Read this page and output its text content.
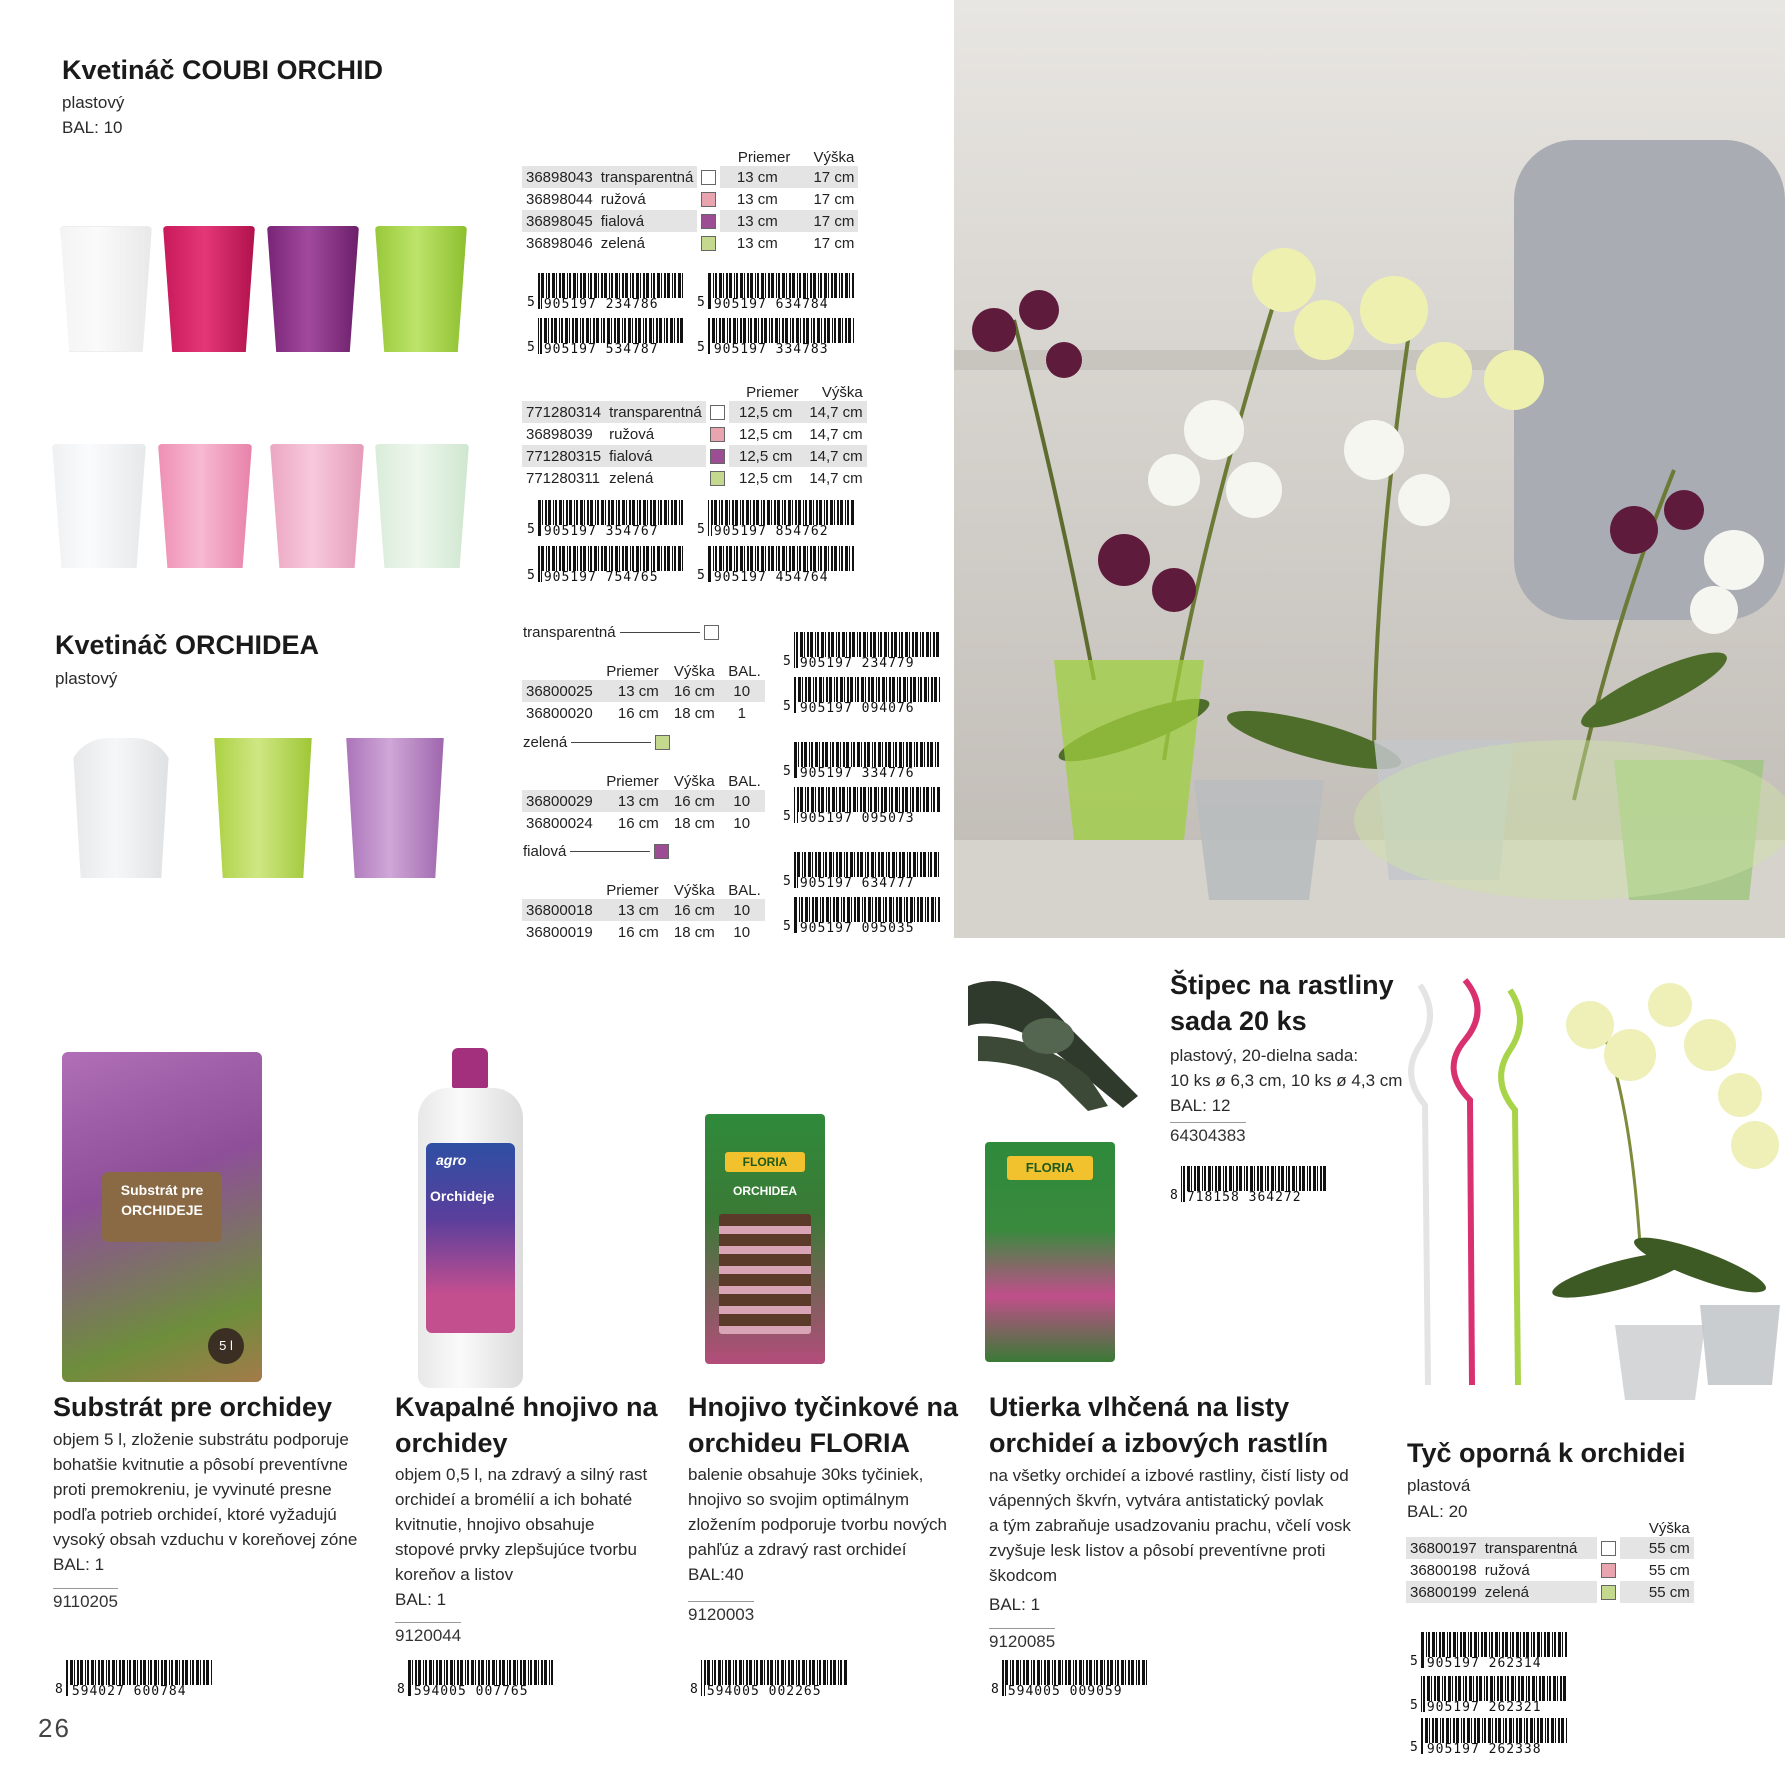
Kvetináč COUBI ORCHID
plastový
BAL: 10
			Priemer	Výška
36898043	transparentná		13 cm	17 cm
36898044	ružová		13 cm	17 cm
36898045	fialová		13 cm	17 cm
36898046	zelená		13 cm	17 cm
5 905197 234786	5 905197 634784
5 905197 534787	5 905197 334783
			Priemer	Výška
771280314	transparentná		12,5 cm	14,7 cm
36898039	ružová		12,5 cm	14,7 cm
771280315	fialová		12,5 cm	14,7 cm
771280311	zelená		12,5 cm	14,7 cm
5 905197 354767	5 905197 854762
5 905197 754765	5 905197 454764
Kvetináč ORCHIDEA
plastový
transparentná
	Priemer	Výška	BAL.
36800025	13 cm	16 cm	10
36800020	16 cm	18 cm	1
5 905197 234779
5 905197 094076
zelená
	Priemer	Výška	BAL.
36800029	13 cm	16 cm	10
36800024	16 cm	18 cm	10
5 905197 334776
5 905197 095073
fialová
	Priemer	Výška	BAL.
36800018	13 cm	16 cm	10
36800019	16 cm	18 cm	10
5 905197 634777
5 905197 095035
Štipec na rastliny
sada 20 ks
plastový, 20-dielna sada:
10 ks ø 6,3 cm, 10 ks ø 4,3 cm
BAL: 12
64304383
8 718158 364272
Substrát pre ORCHIDEJE
5 l
Substrát pre orchidey
objem 5 l, zloženie substrátu podporuje
bohatšie kvitnutie a pôsobí preventívne
proti premokreniu, je vyvinuté presne
podľa potrieb orchideí, ktoré vyžadujú
vysoký obsah vzduchu v koreňovej zóne
BAL: 1
9110205
8 594027 600784
agro
Orchideje
Kvapalné hnojivo na
orchidey
objem 0,5 l, na zdravý a silný rast
orchideí a bromélií a ich bohaté
kvitnutie, hnojivo obsahuje
stopové prvky zlepšujúce tvorbu
koreňov a listov
BAL: 1
9120044
8 594005 007765
FLORIA
ORCHIDEA
Hnojivo tyčinkové na
orchideu FLORIA
balenie obsahuje 30ks tyčiniek,
hnojivo so svojim optimálnym
zložením podporuje tvorbu nových
pahľúz a zdravý rast orchideí
BAL:40
9120003
8 594005 002265
FLORIA
Utierka vlhčená na listy
orchideí a izbových rastlín
na všetky orchideí a izbové rastliny, čistí listy od
vápenných škvŕn, vytvára antistatický povlak
a tým zabraňuje usadzovaniu prachu, včelí vosk
zvyšuje lesk listov a pôsobí preventívne proti
škodcom
BAL: 1
9120085
8 594005 009059
Tyč oporná k orchidei
plastová
BAL: 20
			Výška
36800197	transparentná		55 cm
36800198	ružová		55 cm
36800199	zelená		55 cm
5 905197 262314
5 905197 262321
5 905197 262338
26
